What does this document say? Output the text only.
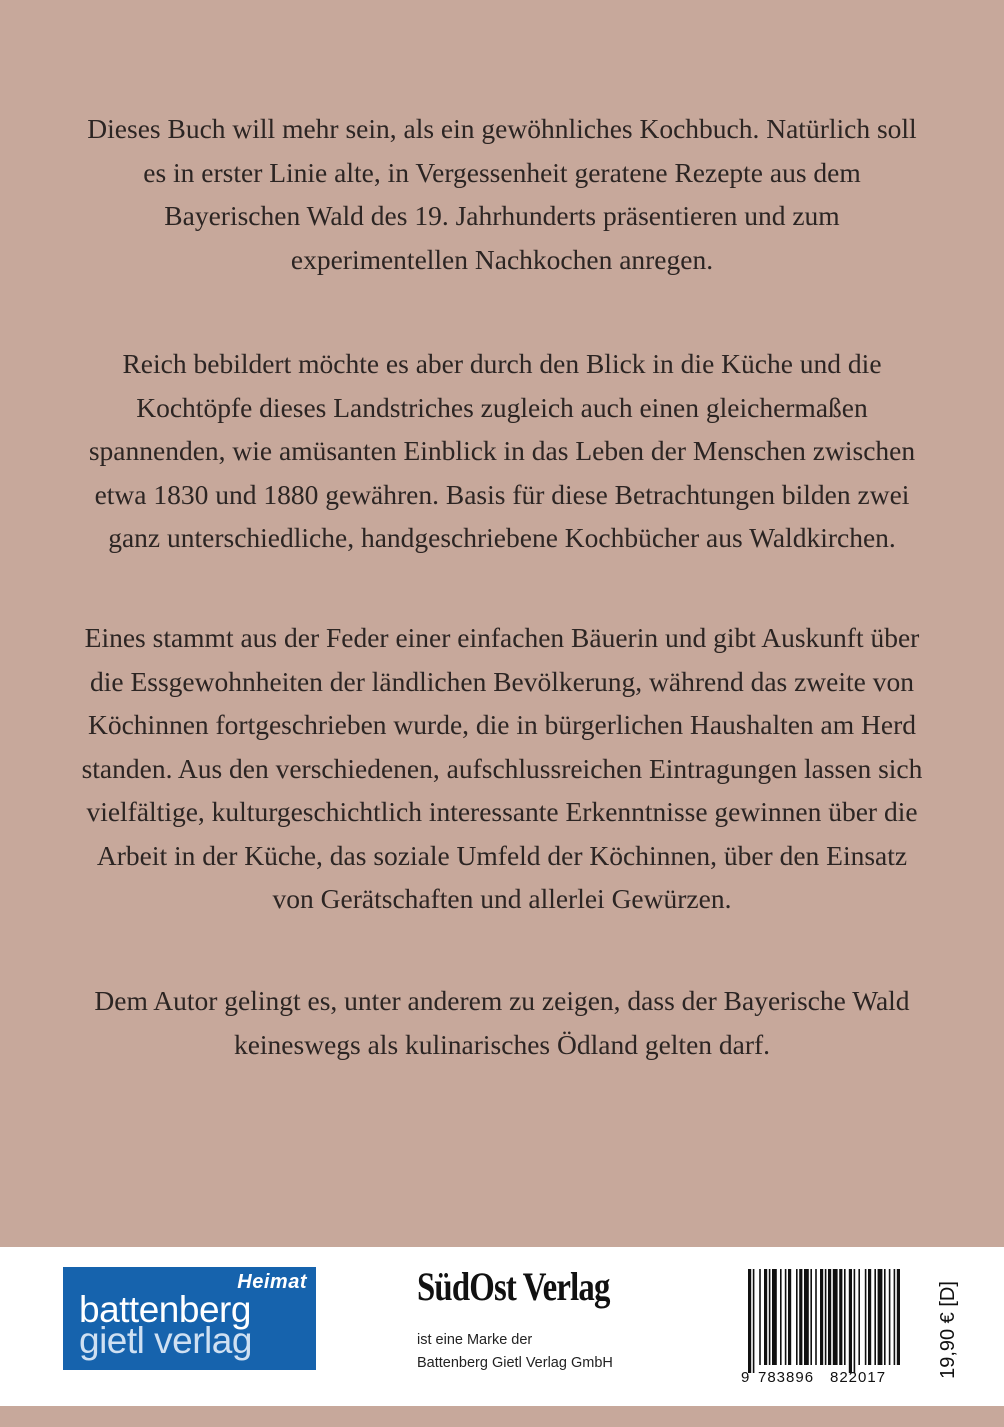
Dieses Buch will mehr sein, als ein gewöhnliches Kochbuch. Natürlich soll
es in erster Linie alte, in Vergessenheit geratene Rezepte aus dem
Bayerischen Wald des 19. Jahrhunderts präsentieren und zum
experimentellen Nachkochen anregen.
Reich bebildert möchte es aber durch den Blick in die Küche und die
Kochtöpfe dieses Landstriches zugleich auch einen gleichermaßen
spannenden, wie amüsanten Einblick in das Leben der Menschen zwischen
etwa 1830 und 1880 gewähren. Basis für diese Betrachtungen bilden zwei
ganz unterschiedliche, handgeschriebene Kochbücher aus Waldkirchen.
Eines stammt aus der Feder einer einfachen Bäuerin und gibt Auskunft über
die Essgewohnheiten der ländlichen Bevölkerung, während das zweite von
Köchinnen fortgeschrieben wurde, die in bürgerlichen Haushalten am Herd
standen. Aus den verschiedenen, aufschlussreichen Eintragungen lassen sich
vielfältige, kulturgeschichtlich interessante Erkenntnisse gewinnen über die
Arbeit in der Küche, das soziale Umfeld der Köchinnen, über den Einsatz
von Gerätschaften und allerlei Gewürzen.
Dem Autor gelingt es, unter anderem zu zeigen, dass der Bayerische Wald
keineswegs als kulinarisches Ödland gelten darf.
Heimat
battenberg
gietl verlag
SüdOst Verlag
ist eine Marke der
Battenberg Gietl Verlag GmbH
9 783896 822017	19,90 € [D]
